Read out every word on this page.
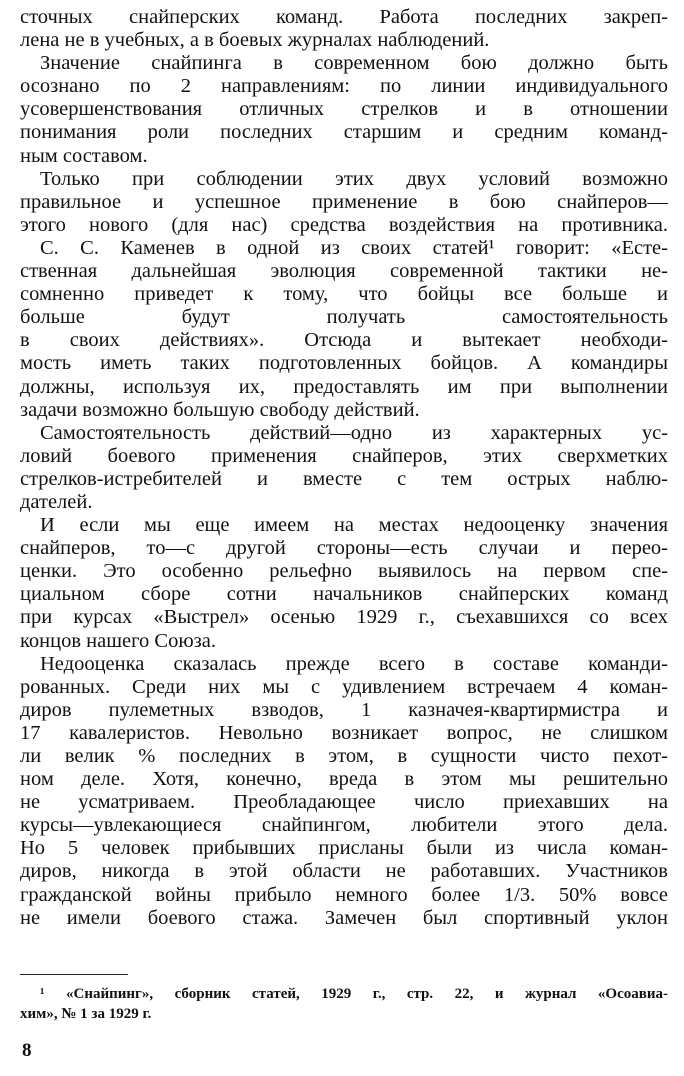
сточных снайперских команд. Работа последних закреп-
лена не в учебных, а в боевых журналах наблюдений.
Значение снайпинга в современном бою должно быть
осознано по 2 направлениям: по линии индивидуального
усовершенствования отличных стрелков и в отношении
понимания роли последних старшим и средним команд-
ным составом.
Только при соблюдении этих двух условий возможно
правильное и успешное применение в бою снайперов—
этого нового (для нас) средства воздействия на противника.
С. С. Каменев в одной из своих статей¹ говорит: «Есте-
ственная дальнейшая эволюция современной тактики не-
сомненно приведет к тому, что бойцы все больше и
больше будут получать самостоятельность
в своих действиях». Отсюда и вытекает необходи-
мость иметь таких подготовленных бойцов. А командиры
должны, используя их, предоставлять им при выполнении
задачи возможно большую свободу действий.
Самостоятельность действий—одно из характерных ус-
ловий боевого применения снайперов, этих сверхметких
стрелков-истребителей и вместе с тем острых наблю-
дателей.
И если мы еще имеем на местах недооценку значения
снайперов, то—с другой стороны—есть случаи и перео-
ценки. Это особенно рельефно выявилось на первом спе-
циальном сборе сотни начальников снайперских команд
при курсах «Выстрел» осенью 1929 г., съехавшихся со всех
концов нашего Союза.
Недооценка сказалась прежде всего в составе команди-
рованных. Среди них мы с удивлением встречаем 4 коман-
диров пулеметных взводов, 1 казначея-квартирмистра и
17 кавалеристов. Невольно возникает вопрос, не слишком
ли велик % последних в этом, в сущности чисто пехот-
ном деле. Хотя, конечно, вреда в этом мы решительно
не усматриваем. Преобладающее число приехавших на
курсы—увлекающиеся снайпингом, любители этого дела.
Но 5 человек прибывших присланы были из числа коман-
диров, никогда в этой области не работавших. Участников
гражданской войны прибыло немного более 1/3. 50% вовсе
не имели боевого стажа. Замечен был спортивный уклон
¹ «Снайпинг», сборник статей, 1929 г., стр. 22, и журнал «Осоавиа-
хим», № 1 за 1929 г.
8
